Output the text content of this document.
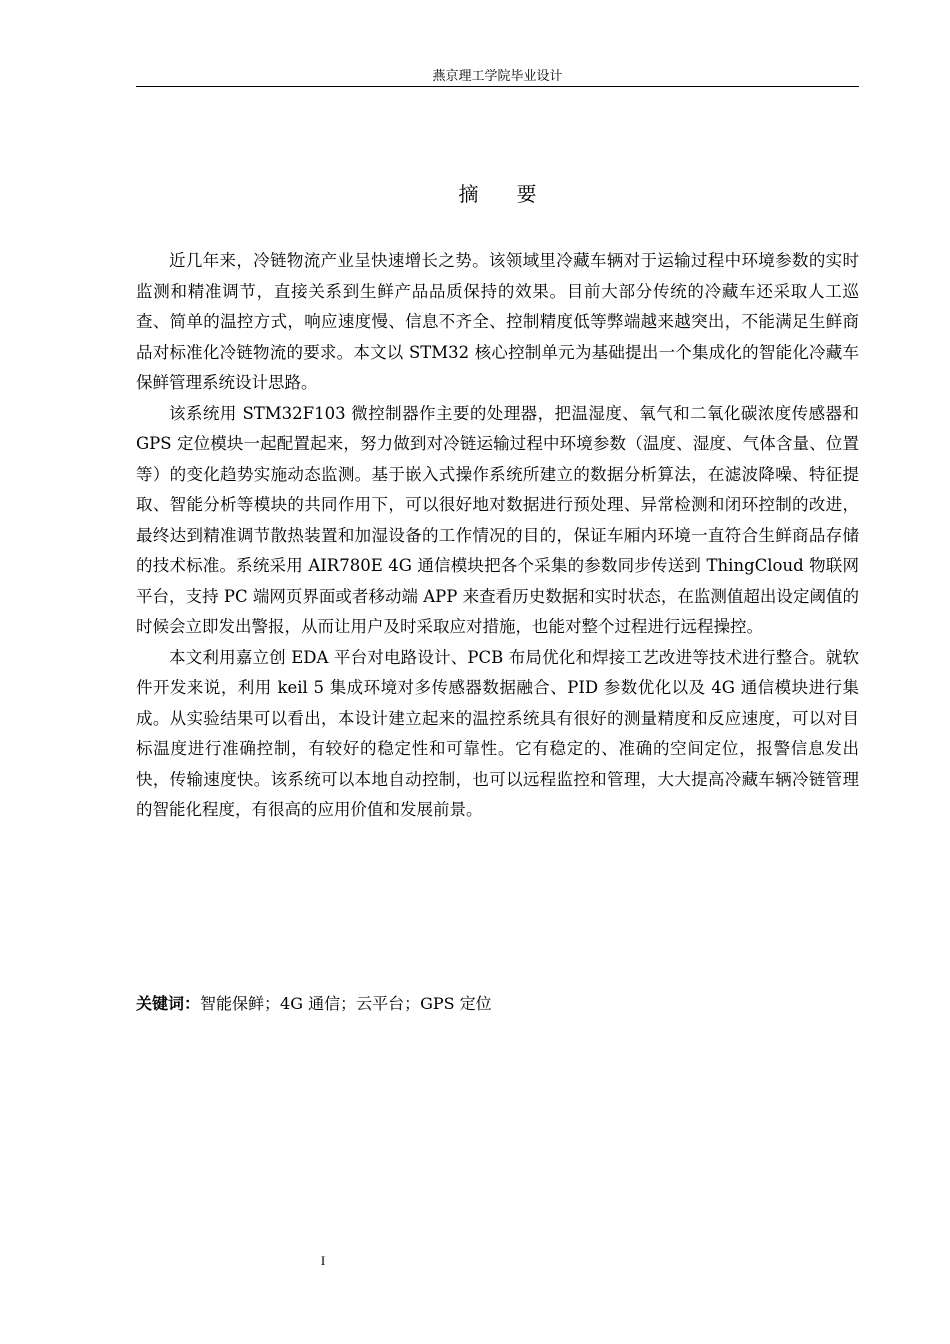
燕京理工学院毕业设计
摘要

近几年来，冷链物流产业呈快速增长之势。该领域里冷藏车辆对于运输过程中环境参数的实时监测和精准调节，直接关系到生鲜产品品质保持的效果。目前大部分传统的冷藏车还采取人工巡查、简单的温控方式，响应速度慢、信息不齐全、控制精度低等弊端越来越突出，不能满足生鲜商品对标准化冷链物流的要求。本文以 STM32 核心控制单元为基础提出一个集成化的智能化冷藏车保鲜管理系统设计思路。

该系统用 STM32F103 微控制器作主要的处理器，把温湿度、氧气和二氧化碳浓度传感器和 GPS 定位模块一起配置起来，努力做到对冷链运输过程中环境参数（温度、湿度、气体含量、位置等）的变化趋势实施动态监测。基于嵌入式操作系统所建立的数据分析算法，在滤波降噪、特征提取、智能分析等模块的共同作用下，可以很好地对数据进行预处理、异常检测和闭环控制的改进，最终达到精准调节散热装置和加湿设备的工作情况的目的，保证车厢内环境一直符合生鲜商品存储的技术标准。系统采用 AIR780E 4G 通信模块把各个采集的参数同步传送到 ThingCloud 物联网平台，支持 PC 端网页界面或者移动端 APP 来查看历史数据和实时状态，在监测值超出设定阈值的时候会立即发出警报，从而让用户及时采取应对措施，也能对整个过程进行远程操控。

本文利用嘉立创 EDA 平台对电路设计、PCB 布局优化和焊接工艺改进等技术进行整合。就软件开发来说，利用 keil 5 集成环境对多传感器数据融合、PID 参数优化以及 4G 通信模块进行集成。从实验结果可以看出，本设计建立起来的温控系统具有很好的测量精度和反应速度，可以对目标温度进行准确控制，有较好的稳定性和可靠性。它有稳定的、准确的空间定位，报警信息发出快，传输速度快。该系统可以本地自动控制，也可以远程监控和管理，大大提高冷藏车辆冷链管理的智能化程度，有很高的应用价值和发展前景。

关键词：智能保鲜；4G 通信；云平台；GPS 定位
I
